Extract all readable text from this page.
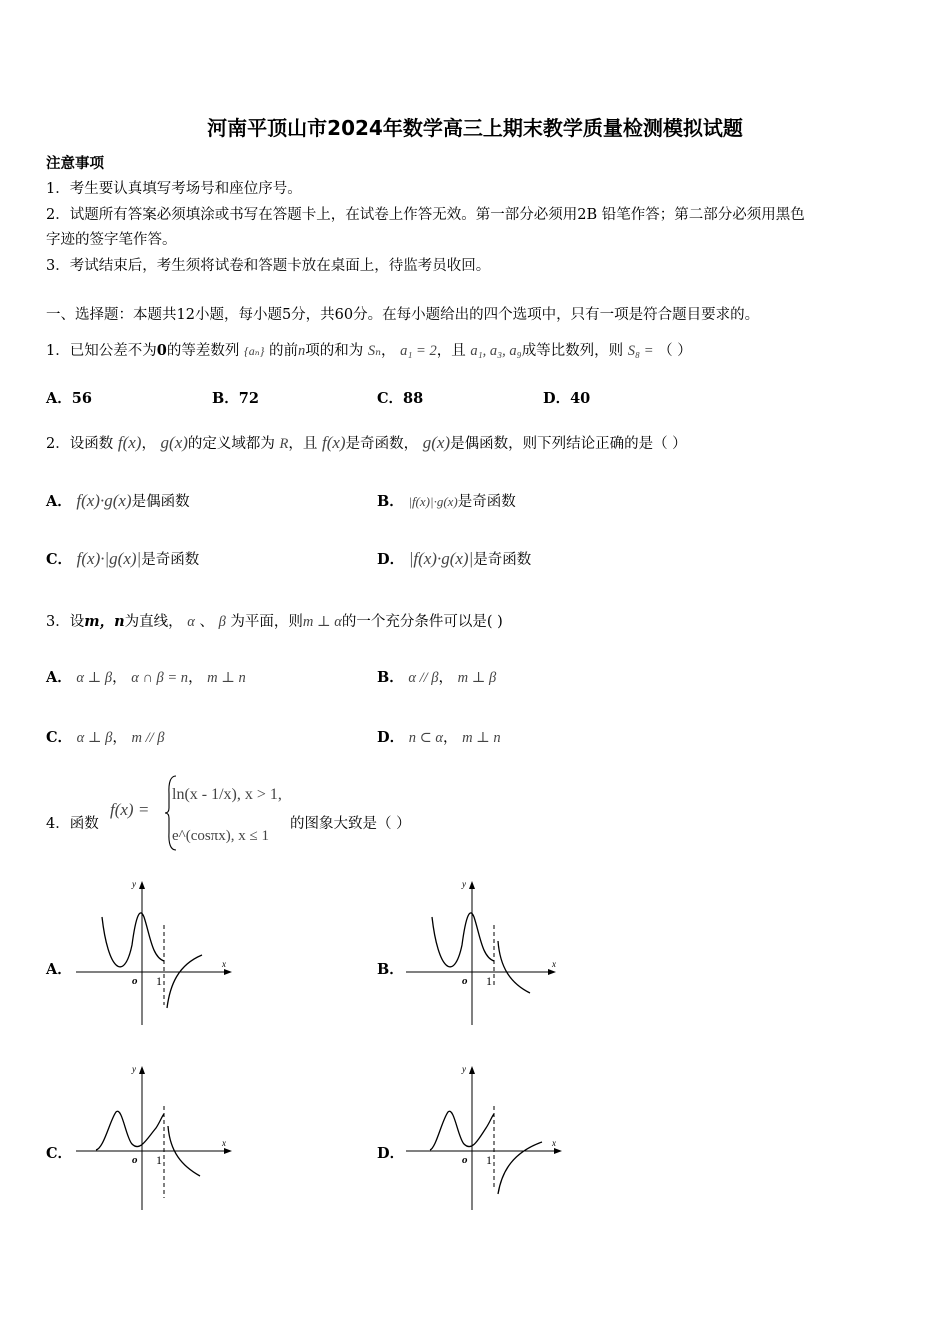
河南平顶山市2024年数学高三上期末教学质量检测模拟试题
注意事项
1．考生要认真填写考场号和座位序号。
2．试题所有答案必须填涂或书写在答题卡上，在试卷上作答无效。第一部分必须用2B 铅笔作答；第二部分必须用黑色
字迹的签字笔作答。
3．考试结束后，考生须将试卷和答题卡放在桌面上，待监考员收回。
一、选择题：本题共12小题，每小题5分，共60分。在每小题给出的四个选项中，只有一项是符合题目要求的。
1．已知公差不为0的等差数列 {aₙ} 的前n项的和为 Sₙ， a₁ = 2，且 a₁, a₃, a₉成等比数列，则 S₈ = （ ）
A．56	B．72	C．88	D．40
2．设函数 f(x)， g(x)的定义域都为 R，且 f(x)是奇函数， g(x)是偶函数，则下列结论正确的是（ ）
A． f(x)·g(x)是偶函数	B． |f(x)|·g(x)是奇函数
C． f(x)·|g(x)|是奇函数	D． |f(x)·g(x)|是奇函数
3．设m，n为直线， α 、 β 为平面，则m ⊥ α的一个充分条件可以是( )
A． α ⊥ β， α ∩ β = n， m ⊥ n	B． α // β， m ⊥ β
C． α ⊥ β， m // β	D． n ⊂ α， m ⊥ n
4．函数
f(x) =
ln(x - 1/x), x > 1,
e^(cosπx), x ≤ 1
的图象大致是（ ）
A．	B．
C．	D．
x
y
o 1
x
y
o 1
x
y
o 1
x
y
o 1
